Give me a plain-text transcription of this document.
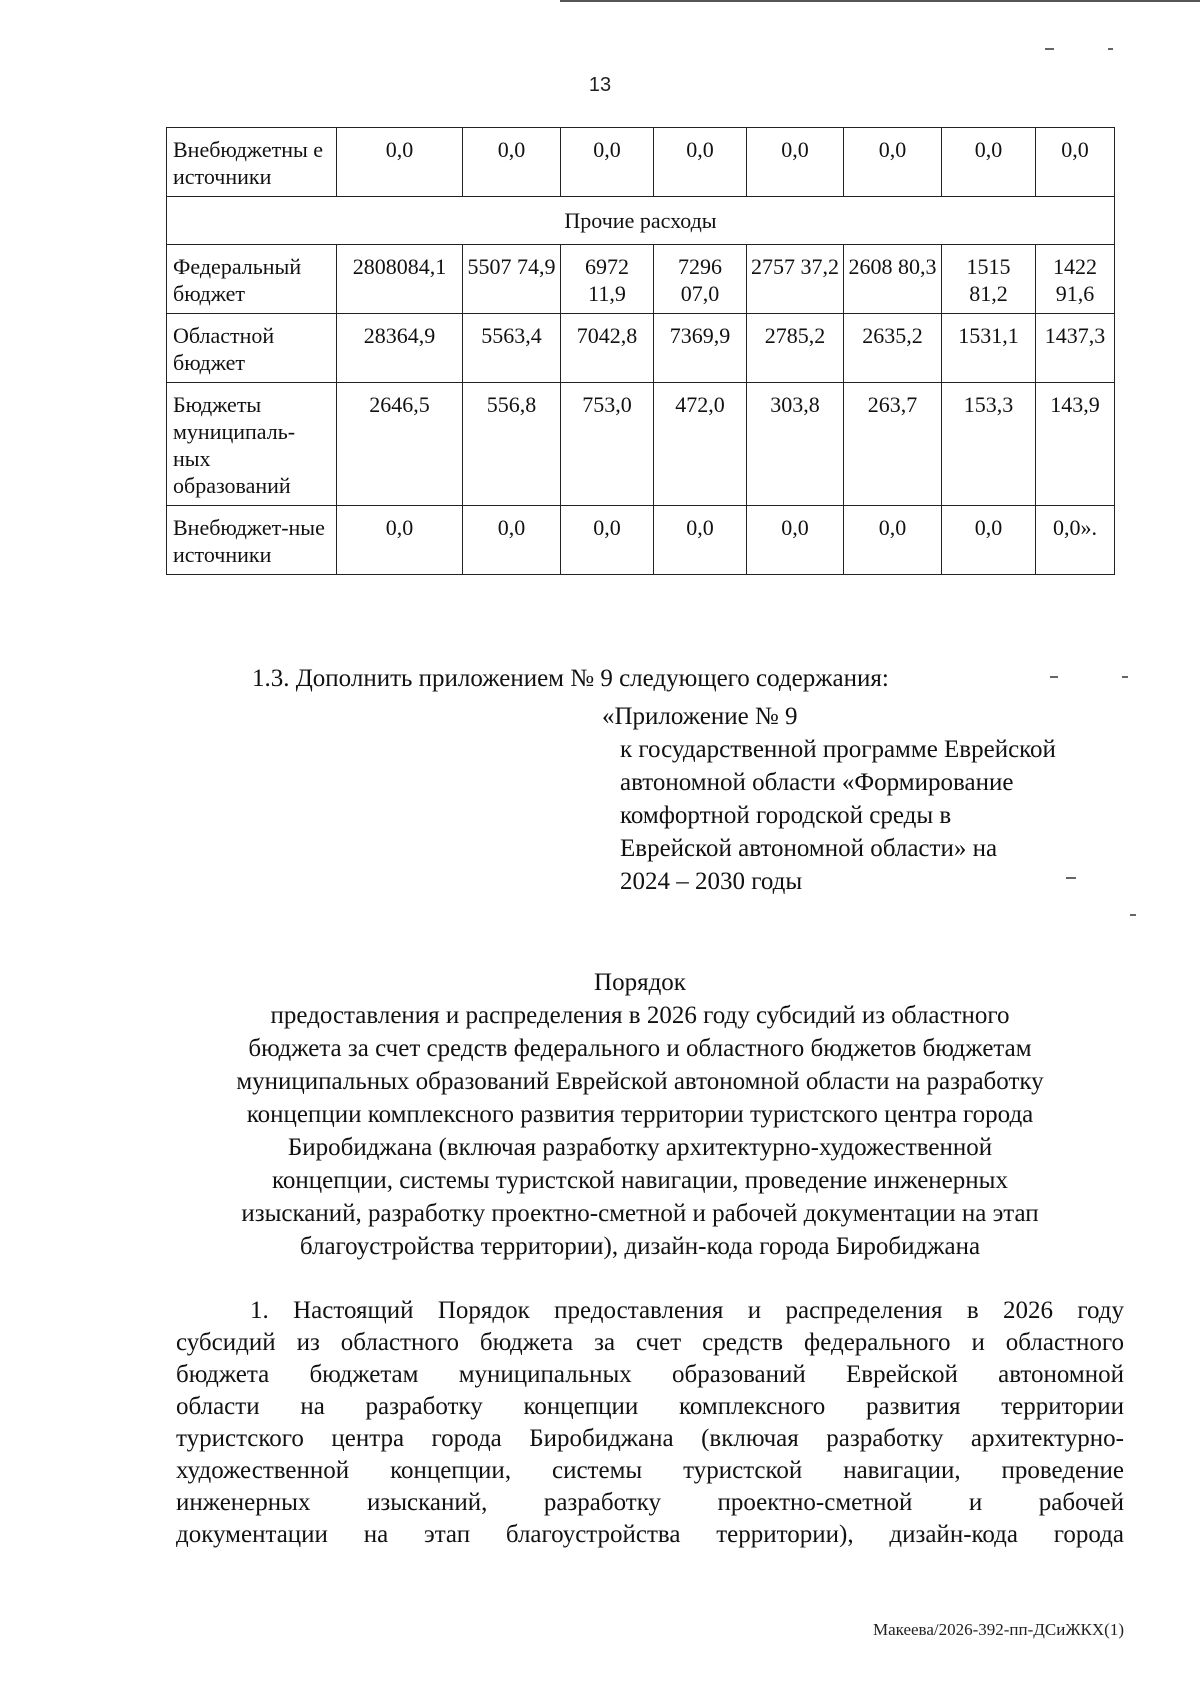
13
Внебюджетны е источники	0,0	0,0	0,0	0,0	0,0	0,0	0,0	0,0
Прочие расходы								
Федеральный бюджет	2808084,1	5507 74,9	6972 11,9	7296 07,0	2757 37,2	2608 80,3	1515 81,2	1422 91,6
Областной бюджет	28364,9	5563,4	7042,8	7369,9	2785,2	2635,2	1531,1	1437,3
Бюджеты муниципаль-ных образований	2646,5	556,8	753,0	472,0	303,8	263,7	153,3	143,9
Внебюджет-ные источники	0,0	0,0	0,0	0,0	0,0	0,0	0,0	0,0».
1.3. Дополнить приложением № 9 следующего содержания:
«Приложение № 9
к государственной программе Еврейской
автономной области «Формирование
комфортной городской среды в
Еврейской автономной области» на
2024 – 2030 годы
Порядок
предоставления и распределения в 2026 году субсидий из областного
бюджета за счет средств федерального и областного бюджетов бюджетам
муниципальных образований Еврейской автономной области на разработку
концепции комплексного развития территории туристского центра города
Биробиджана (включая разработку архитектурно-художественной
концепции, системы туристской навигации, проведение инженерных
изысканий, разработку проектно-сметной и рабочей документации на этап
благоустройства территории), дизайн-кода города Биробиджана
1. Настоящий Порядок предоставления и распределения в 2026 году
субсидий из областного бюджета за счет средств федерального и областного
бюджета бюджетам муниципальных образований Еврейской автономной
области на разработку концепции комплексного развития территории
туристского центра города Биробиджана (включая разработку архитектурно-
художественной концепции, системы туристской навигации, проведение
инженерных изысканий, разработку проектно-сметной и рабочей
документации на этап благоустройства территории), дизайн-кода города
Макеева/2026-392-пп-ДСиЖКХ(1)
